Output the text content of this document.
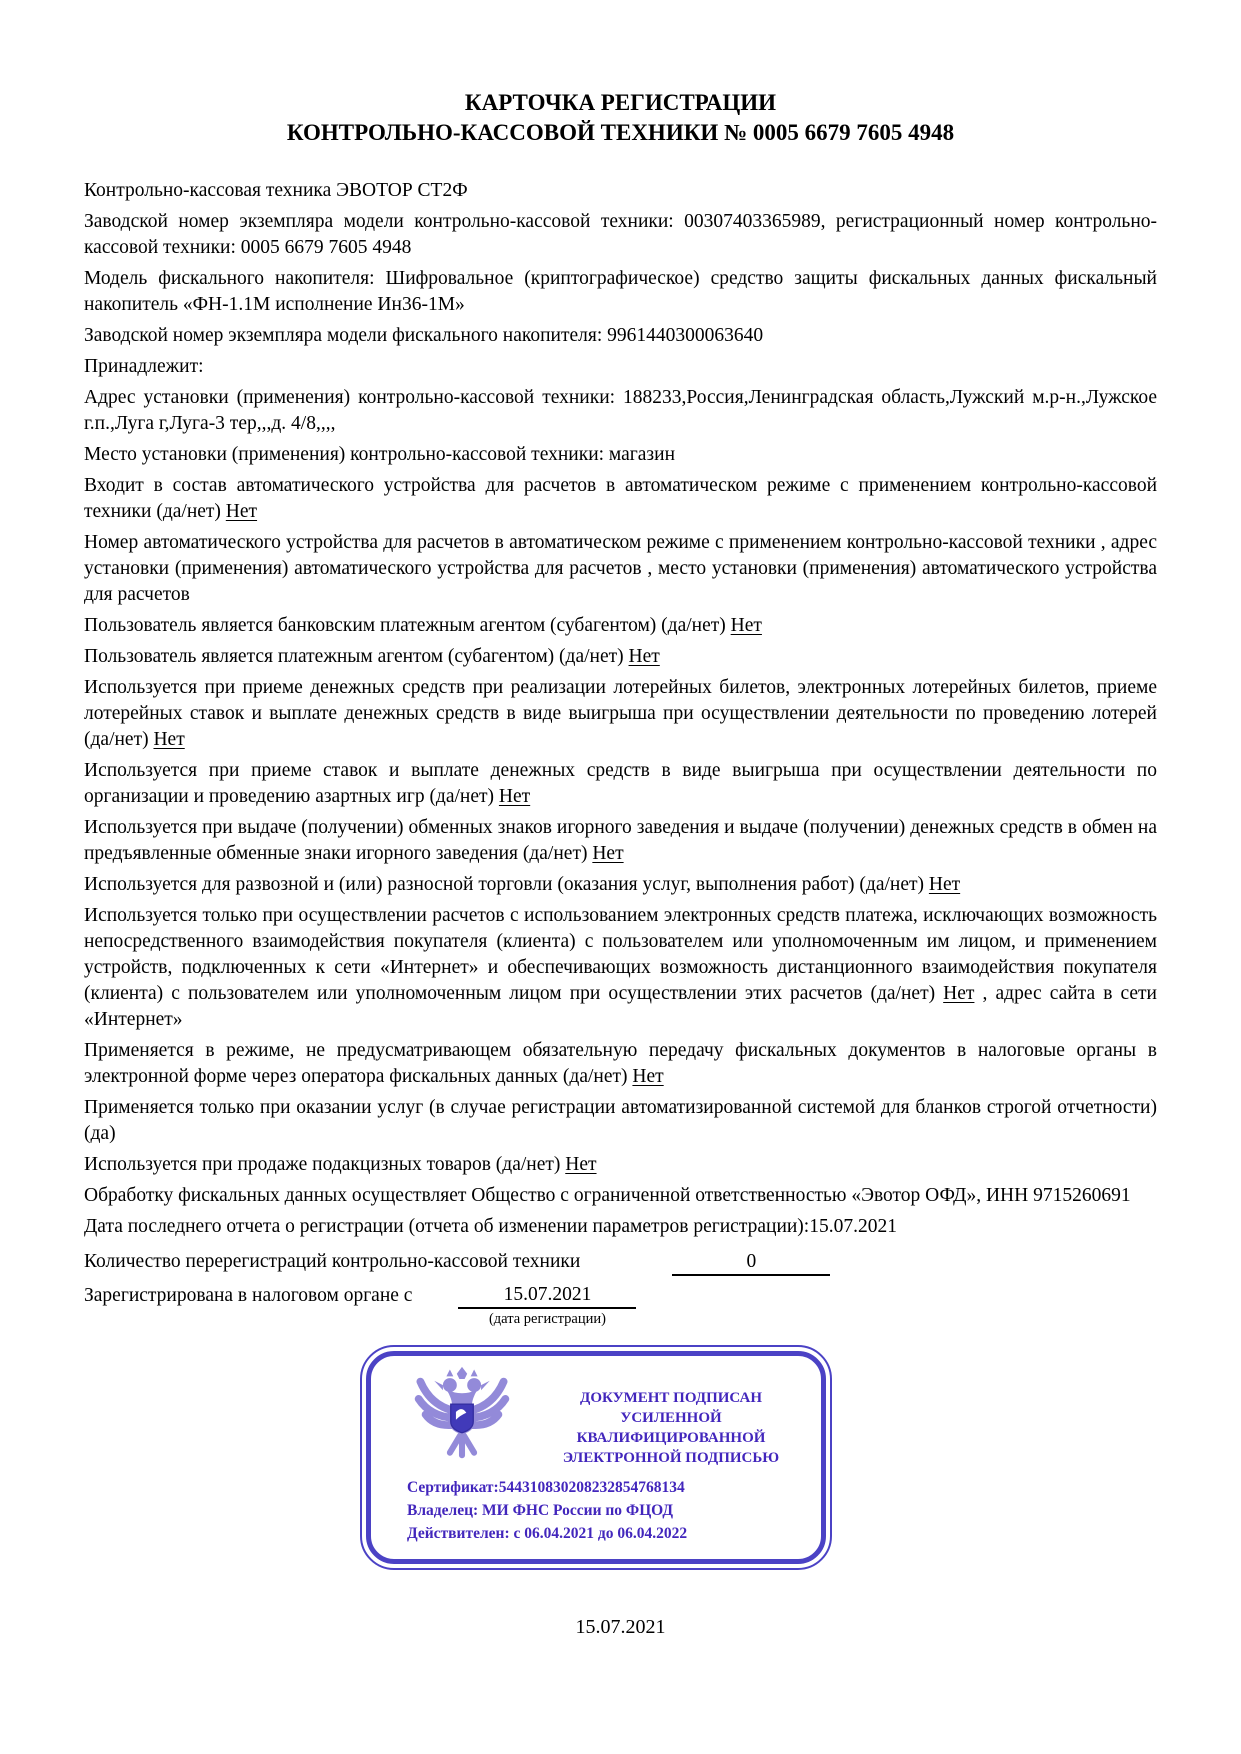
КАРТОЧКА РЕГИСТРАЦИИ
КОНТРОЛЬНО-КАССОВОЙ ТЕХНИКИ № 0005 6679 7605 4948

Контрольно-кассовая техника ЭВОТОР СТ2Ф

Заводской номер экземпляра модели контрольно-кассовой техники: 00307403365989, регистрационный номер контрольно-кассовой техники: 0005 6679 7605 4948

Модель фискального накопителя: Шифровальное (криптографическое) средство защиты фискальных данных фискальный накопитель «ФН-1.1М исполнение Ин36-1М»

Заводской номер экземпляра модели фискального накопителя: 9961440300063640

Принадлежит:

Адрес установки (применения) контрольно-кассовой техники: 188233,Россия,Ленинградская область,Лужский м.р-н.,Лужское г.п.,Луга г,Луга-3 тер,,,д. 4/8,,,,

Место установки (применения) контрольно-кассовой техники: магазин

Входит в состав автоматического устройства для расчетов в автоматическом режиме с применением контрольно-кассовой техники (да/нет) Нет

Номер автоматического устройства для расчетов в автоматическом режиме с применением контрольно-кассовой техники , адрес установки (применения) автоматического устройства для расчетов , место установки (применения) автоматического устройства для расчетов

Пользователь является банковским платежным агентом (субагентом) (да/нет) Нет

Пользователь является платежным агентом (субагентом) (да/нет) Нет

Используется при приеме денежных средств при реализации лотерейных билетов, электронных лотерейных билетов, приеме лотерейных ставок и выплате денежных средств в виде выигрыша при осуществлении деятельности по проведению лотерей (да/нет) Нет

Используется при приеме ставок и выплате денежных средств в виде выигрыша при осуществлении деятельности по организации и проведению азартных игр (да/нет) Нет

Используется при выдаче (получении) обменных знаков игорного заведения и выдаче (получении) денежных средств в обмен на предъявленные обменные знаки игорного заведения (да/нет) Нет

Используется для развозной и (или) разносной торговли (оказания услуг, выполнения работ) (да/нет) Нет

Используется только при осуществлении расчетов с использованием электронных средств платежа, исключающих возможность непосредственного взаимодействия покупателя (клиента) с пользователем или уполномоченным им лицом, и применением устройств, подключенных к сети «Интернет» и обеспечивающих возможность дистанционного взаимодействия покупателя (клиента) с пользователем или уполномоченным лицом при осуществлении этих расчетов (да/нет) Нет , адрес сайта в сети «Интернет»

Применяется в режиме, не предусматривающем обязательную передачу фискальных документов в налоговые органы в электронной форме через оператора фискальных данных (да/нет) Нет

Применяется только при оказании услуг (в случае регистрации автоматизированной системой для бланков строгой отчетности) (да)

Используется при продаже подакцизных товаров (да/нет) Нет

Обработку фискальных данных осуществляет Общество с ограниченной ответственностью «Эвотор ОФД», ИНН 9715260691

Дата последнего отчета о регистрации (отчета об изменении параметров регистрации):15.07.2021

Количество перерегистраций контрольно-кассовой техники	0
Зарегистрирована в налоговом органе с	15.07.2021
(дата регистрации)
ДОКУМЕНТ ПОДПИСАН
УСИЛЕННОЙ КВАЛИФИЦИРОВАННОЙ
ЭЛЕКТРОННОЙ ПОДПИСЬЮ
Сертификат:544310830208232854768134
Владелец: МИ ФНС России по ФЦОД
Действителен: с 06.04.2021 до 06.04.2022
15.07.2021
